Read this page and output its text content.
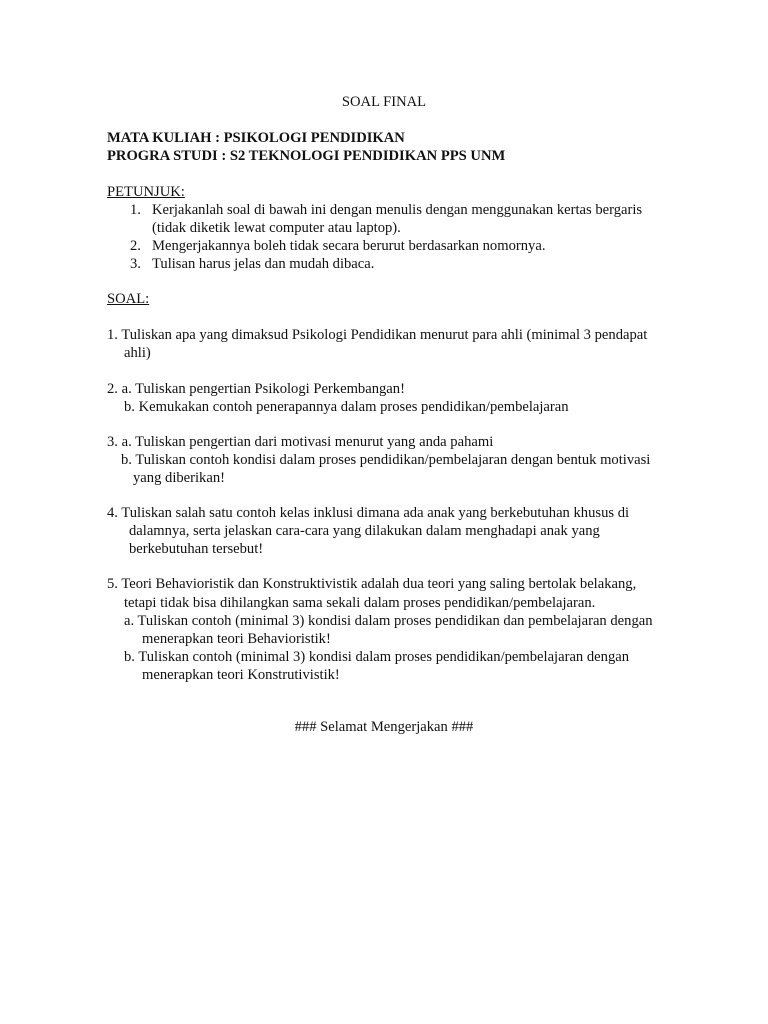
SOAL FINAL
MATA KULIAH : PSIKOLOGI PENDIDIKAN
PROGRA STUDI : S2 TEKNOLOGI PENDIDIKAN PPS UNM
PETUNJUK:
1. Kerjakanlah soal di bawah ini dengan menulis dengan menggunakan kertas bergaris
(tidak diketik lewat computer atau laptop).
2. Mengerjakannya boleh tidak secara berurut berdasarkan nomornya.
3. Tulisan harus jelas dan mudah dibaca.
SOAL:
1. Tuliskan apa yang dimaksud Psikologi Pendidikan menurut para ahli (minimal 3 pendapat
ahli)
2. a. Tuliskan pengertian Psikologi Perkembangan!
b. Kemukakan contoh penerapannya dalam proses pendidikan/pembelajaran
3. a. Tuliskan pengertian dari motivasi menurut yang anda pahami
b. Tuliskan contoh kondisi dalam proses pendidikan/pembelajaran dengan bentuk motivasi
yang diberikan!
4. Tuliskan salah satu contoh kelas inklusi dimana ada anak yang berkebutuhan khusus di
dalamnya, serta jelaskan cara-cara yang dilakukan dalam menghadapi anak yang
berkebutuhan tersebut!
5. Teori Behavioristik dan Konstruktivistik adalah dua teori yang saling bertolak belakang,
tetapi tidak bisa dihilangkan sama sekali dalam proses pendidikan/pembelajaran.
a. Tuliskan contoh (minimal 3) kondisi dalam proses pendidikan dan pembelajaran dengan
menerapkan teori Behavioristik!
b. Tuliskan contoh (minimal 3) kondisi dalam proses pendidikan/pembelajaran dengan
menerapkan teori Konstrutivistik!
### Selamat Mengerjakan ###
